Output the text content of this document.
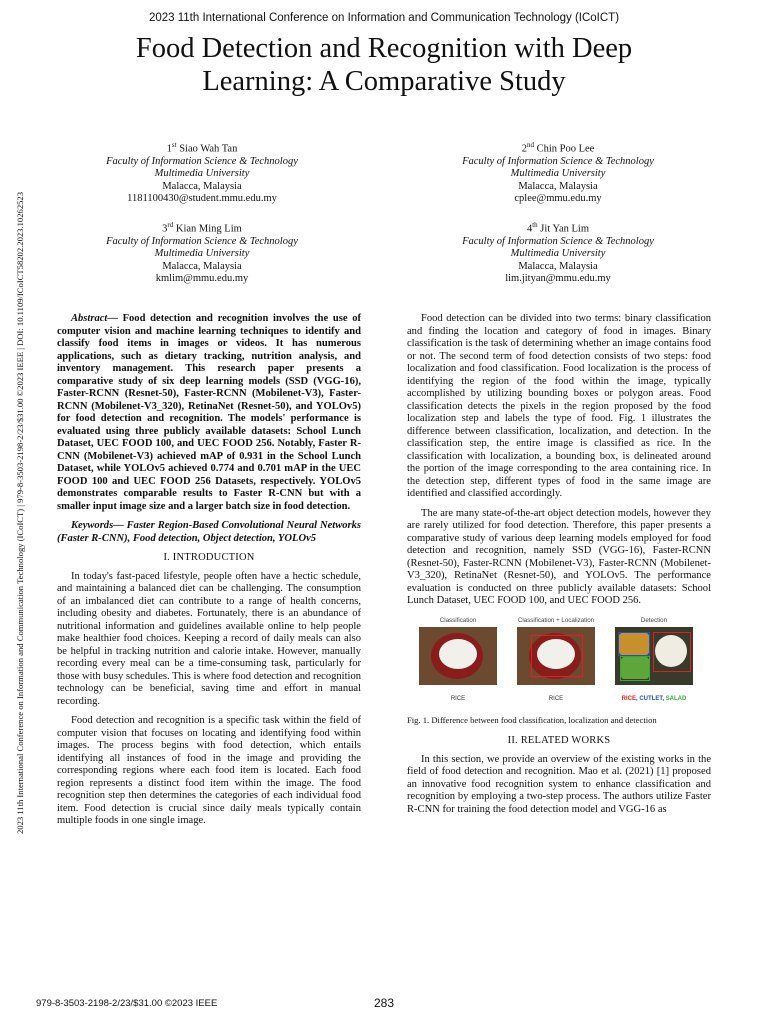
2023 11th International Conference on Information and Communication Technology (ICoICT)
Food Detection and Recognition with Deep
Learning: A Comparative Study
1st Siao Wah Tan
Faculty of Information Science & Technology
Multimedia University
Malacca, Malaysia
1181100430@student.mmu.edu.my
2nd Chin Poo Lee
Faculty of Information Science & Technology
Multimedia University
Malacca, Malaysia
cplee@mmu.edu.my
3rd Kian Ming Lim
Faculty of Information Science & Technology
Multimedia University
Malacca, Malaysia
kmlim@mmu.edu.my
4th Jit Yan Lim
Faculty of Information Science & Technology
Multimedia University
Malacca, Malaysia
lim.jityan@mmu.edu.my
2023 11th International Conference on Information and Communication Technology (ICoICT) | 979-8-3503-2198-2/23/$31.00 ©2023 IEEE | DOI: 10.1109/ICoICT58202.2023.10262523	Abstract— Food detection and recognition involves the use of computer vision and machine learning techniques to identify and classify food items in images or videos. It has numerous applications, such as dietary tracking, nutrition analysis, and inventory management. This research paper presents a comparative study of six deep learning models (SSD (VGG-16), Faster-RCNN (Resnet-50), Faster-RCNN (Mobilenet-V3), Faster-RCNN (Mobilenet-V3_320), RetinaNet (Resnet-50), and YOLOv5) for food detection and recognition. The models' performance is evaluated using three publicly available datasets: School Lunch Dataset, UEC FOOD 100, and UEC FOOD 256. Notably, Faster R-CNN (Mobilenet-V3) achieved mAP of 0.931 in the School Lunch Dataset, while YOLOv5 achieved 0.774 and 0.701 mAP in the UEC FOOD 100 and UEC FOOD 256 Datasets, respectively. YOLOv5 demonstrates comparable results to Faster R-CNN but with a smaller input image size and a larger batch size in food detection.

Keywords— Faster Region-Based Convolutional Neural Networks (Faster R-CNN), Food detection, Object detection, YOLOv5

I. INTRODUCTION

In today's fast-paced lifestyle, people often have a hectic schedule, and maintaining a balanced diet can be challenging. The consumption of an imbalanced diet can contribute to a range of health concerns, including obesity and diabetes. Fortunately, there is an abundance of nutritional information and guidelines available online to help people make healthier food choices. Keeping a record of daily meals can also be helpful in tracking nutrition and calorie intake. However, manually recording every meal can be a time-consuming task, particularly for those with busy schedules. This is where food detection and recognition technology can be beneficial, saving time and effort in manual recording.

Food detection and recognition is a specific task within the field of computer vision that focuses on locating and identifying food within images. The process begins with food detection, which entails identifying all instances of food in the image and providing the corresponding regions where each food item is located. Each food region represents a distinct food item within the image. The food recognition step then determines the categories of each individual food item. Food detection is crucial since daily meals typically contain multiple foods in one single image.

Food detection can be divided into two terms: binary classification and finding the location and category of food in images. Binary classification is the task of determining whether an image contains food or not. The second term of food detection consists of two steps: food localization and food classification. Food localization is the process of identifying the region of the food within the image, typically accomplished by utilizing bounding boxes or polygon areas. Food classification detects the pixels in the region proposed by the food localization step and labels the type of food. Fig. 1 illustrates the difference between classification, localization, and detection. In the classification step, the entire image is classified as rice. In the classification with localization, a bounding box, is delineated around the portion of the image corresponding to the area containing rice. In the detection step, different types of food in the same image are identified and classified accordingly.

The are many state-of-the-art object detection models, however they are rarely utilized for food detection. Therefore, this paper presents a comparative study of various deep learning models employed for food detection and recognition, namely SSD (VGG-16), Faster-RCNN (Resnet-50), Faster-RCNN (Mobilenet-V3), Faster-RCNN (Mobilenet-V3_320), RetinaNet (Resnet-50), and YOLOv5. The performance evaluation is conducted on three publicly available datasets: School Lunch Dataset, UEC FOOD 100, and UEC FOOD 256.

Classification
RICE
Classification + Localization
RICE
Detection
RICE, CUTLET, SALAD

Fig. 1. Difference between food classification, localization and detection

II. RELATED WORKS

In this section, we provide an overview of the existing works in the field of food detection and recognition. Mao et al. (2021) [1] proposed an innovative food recognition system to enhance classification and recognition by employing a two-step process. The authors utilize Faster R-CNN for training the food detection model and VGG-16 as

979-8-3503-2198-2/23/$31.00 ©2023 IEEE	283
